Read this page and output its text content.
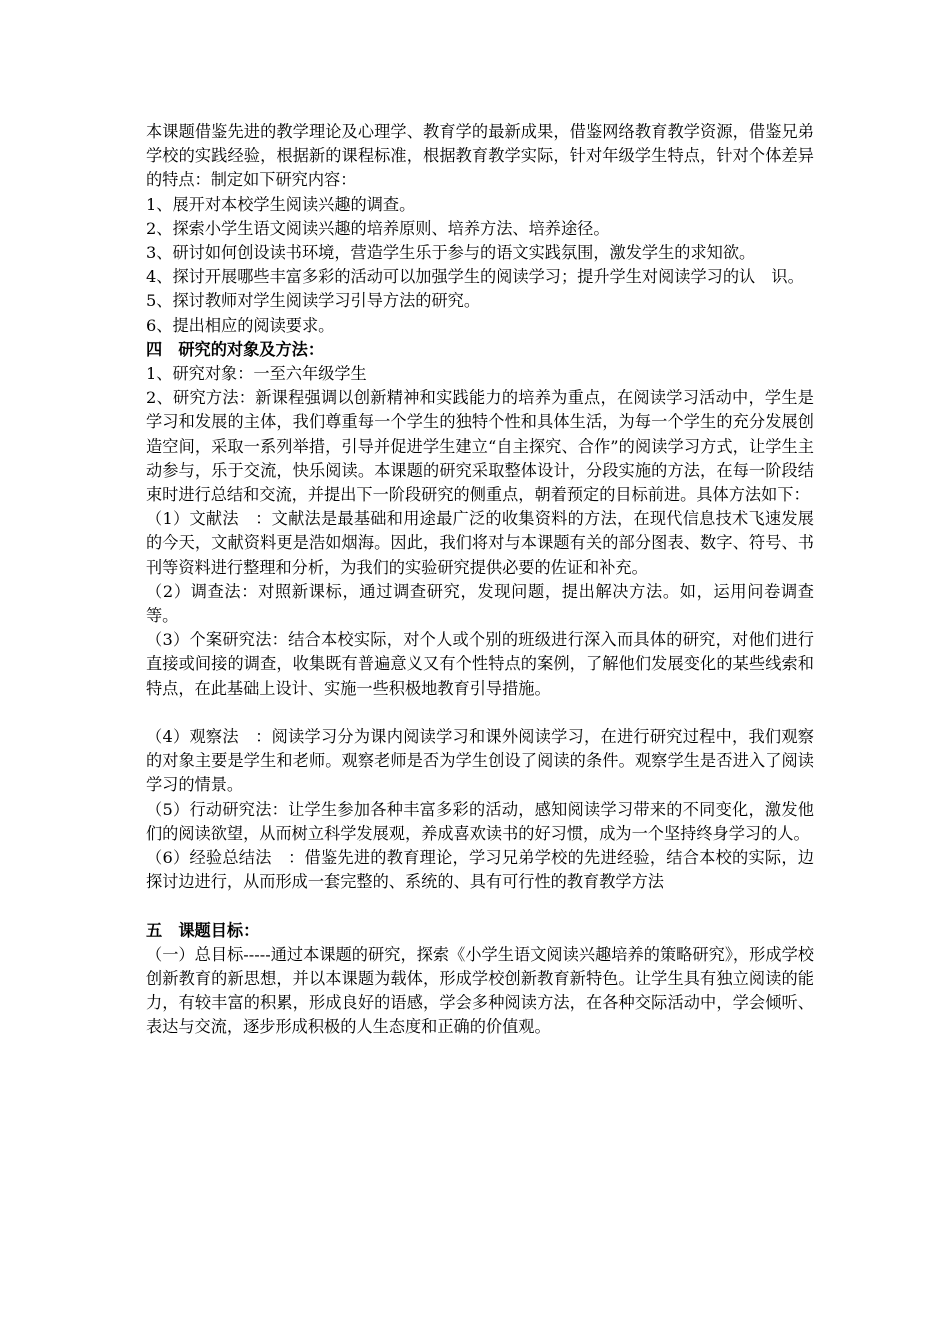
本课题借鉴先进的教学理论及心理学、教育学的最新成果，借鉴网络教育教学资源，借鉴兄弟学校的实践经验，根据新的课程标准，根据教育教学实际，针对年级学生特点，针对个体差异的特点：制定如下研究内容：

1、展开对本校学生阅读兴趣的调查。

2、探索小学生语文阅读兴趣的培养原则、培养方法、培养途径。

3、研讨如何创设读书环境，营造学生乐于参与的语文实践氛围，激发学生的求知欲。

4、探讨开展哪些丰富多彩的活动可以加强学生的阅读学习；提升学生对阅读学习的认　识。

5、探讨教师对学生阅读学习引导方法的研究。

6、提出相应的阅读要求。

四　研究的对象及方法：

1、研究对象：一至六年级学生

2、研究方法：新课程强调以创新精神和实践能力的培养为重点，在阅读学习活动中，学生是学习和发展的主体，我们尊重每一个学生的独特个性和具体生活，为每一个学生的充分发展创造空间，采取一系列举措，引导并促进学生建立“自主探究、合作”的阅读学习方式，让学生主动参与，乐于交流，快乐阅读。本课题的研究采取整体设计，分段实施的方法，在每一阶段结束时进行总结和交流，并提出下一阶段研究的侧重点，朝着预定的目标前进。具体方法如下：

（1）文献法　：文献法是最基础和用途最广泛的收集资料的方法，在现代信息技术飞速发展的今天，文献资料更是浩如烟海。因此，我们将对与本课题有关的部分图表、数字、符号、书刊等资料进行整理和分析，为我们的实验研究提供必要的佐证和补充。

（2）调查法：对照新课标，通过调查研究，发现问题，提出解决方法。如，运用问卷调查等。

（3）个案研究法：结合本校实际，对个人或个别的班级进行深入而具体的研究，对他们进行直接或间接的调查，收集既有普遍意义又有个性特点的案例，了解他们发展变化的某些线索和特点，在此基础上设计、实施一些积极地教育引导措施。

（4）观察法　：阅读学习分为课内阅读学习和课外阅读学习，在进行研究过程中，我们观察的对象主要是学生和老师。观察老师是否为学生创设了阅读的条件。观察学生是否进入了阅读学习的情景。

（5）行动研究法：让学生参加各种丰富多彩的活动，感知阅读学习带来的不同变化，激发他们的阅读欲望，从而树立科学发展观，养成喜欢读书的好习惯，成为一个坚持终身学习的人。

（6）经验总结法　：借鉴先进的教育理论，学习兄弟学校的先进经验，结合本校的实际，边探讨边进行，从而形成一套完整的、系统的、具有可行性的教育教学方法

五　课题目标：

（一）总目标-----通过本课题的研究，探索《小学生语文阅读兴趣培养的策略研究》，形成学校创新教育的新思想，并以本课题为载体，形成学校创新教育新特色。让学生具有独立阅读的能力，有较丰富的积累，形成良好的语感，学会多种阅读方法，在各种交际活动中，学会倾听、表达与交流，逐步形成积极的人生态度和正确的价值观。
